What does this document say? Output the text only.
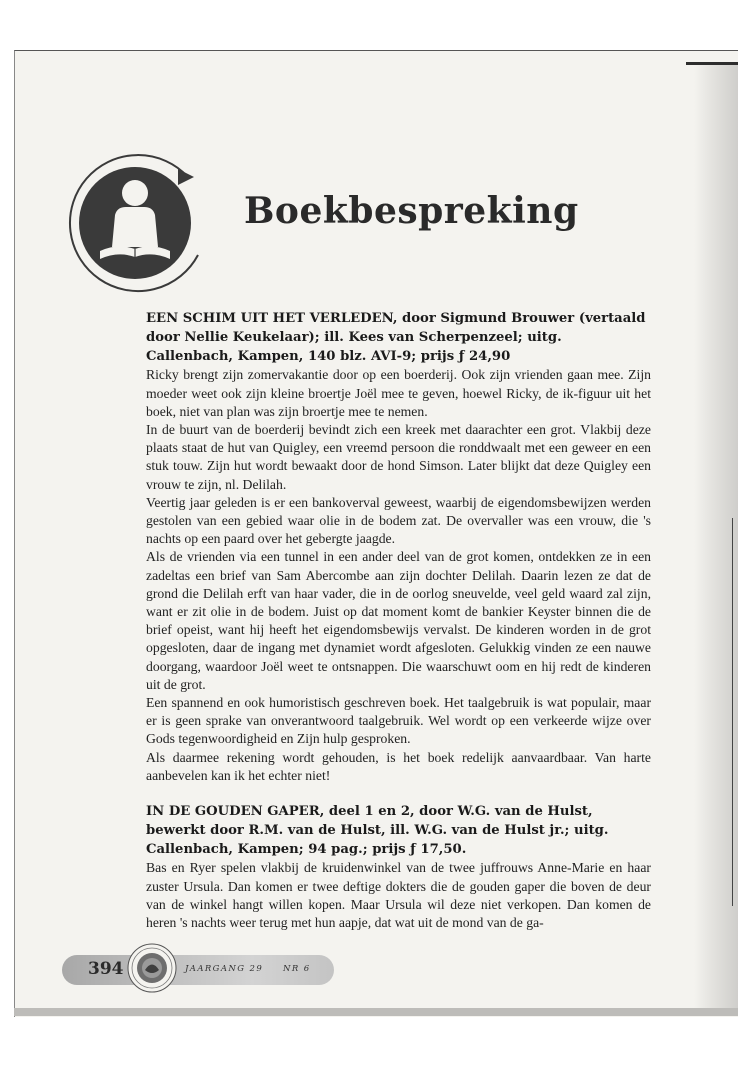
Boekbespreking

EEN SCHIM UIT HET VERLEDEN, door Sigmund Brouwer (vertaald door Nellie Keukelaar); ill. Kees van Scherpenzeel; uitg. Callenbach, Kampen, 140 blz. AVI-9; prijs ƒ 24,90

Ricky brengt zijn zomervakantie door op een boerderij. Ook zijn vrienden gaan mee. Zijn moeder weet ook zijn kleine broertje Joël mee te geven, hoewel Ricky, de ik-figuur uit het boek, niet van plan was zijn broertje mee te nemen.

In de buurt van de boerderij bevindt zich een kreek met daarachter een grot. Vlakbij deze plaats staat de hut van Quigley, een vreemd persoon die ronddwaalt met een geweer en een stuk touw. Zijn hut wordt bewaakt door de hond Simson. Later blijkt dat deze Quigley een vrouw te zijn, nl. Delilah.

Veertig jaar geleden is er een bankoverval geweest, waarbij de eigendomsbewijzen werden gestolen van een gebied waar olie in de bodem zat. De overvaller was een vrouw, die 's nachts op een paard over het gebergte jaagde.

Als de vrienden via een tunnel in een ander deel van de grot komen, ontdekken ze in een zadeltas een brief van Sam Abercombe aan zijn dochter Delilah. Daarin lezen ze dat de grond die Delilah erft van haar vader, die in de oorlog sneuvelde, veel geld waard zal zijn, want er zit olie in de bodem. Juist op dat moment komt de bankier Keyster binnen die de brief opeist, want hij heeft het eigendomsbewijs vervalst. De kinderen worden in de grot opgesloten, daar de ingang met dynamiet wordt afgesloten. Gelukkig vinden ze een nauwe doorgang, waardoor Joël weet te ontsnappen. Die waarschuwt oom en hij redt de kinderen uit de grot.

Een spannend en ook humoristisch geschreven boek. Het taalgebruik is wat populair, maar er is geen sprake van onverantwoord taalgebruik. Wel wordt op een verkeerde wijze over Gods tegenwoordigheid en Zijn hulp gesproken.

Als daarmee rekening wordt gehouden, is het boek redelijk aanvaardbaar. Van harte aanbevelen kan ik het echter niet!

IN DE GOUDEN GAPER, deel 1 en 2, door W.G. van de Hulst, bewerkt door R.M. van de Hulst, ill. W.G. van de Hulst jr.; uitg. Callenbach, Kampen; 94 pag.; prijs ƒ 17,50.

Bas en Ryer spelen vlakbij de kruidenwinkel van de twee juffrouws Anne-Marie en haar zuster Ursula. Dan komen er twee deftige dokters die de gouden gaper die boven de deur van de winkel hangt willen kopen. Maar Ursula wil deze niet verkopen. Dan komen de heren 's nachts weer terug met hun aapje, dat wat uit de mond van de ga-

394	JAARGANG 29 NR 6
